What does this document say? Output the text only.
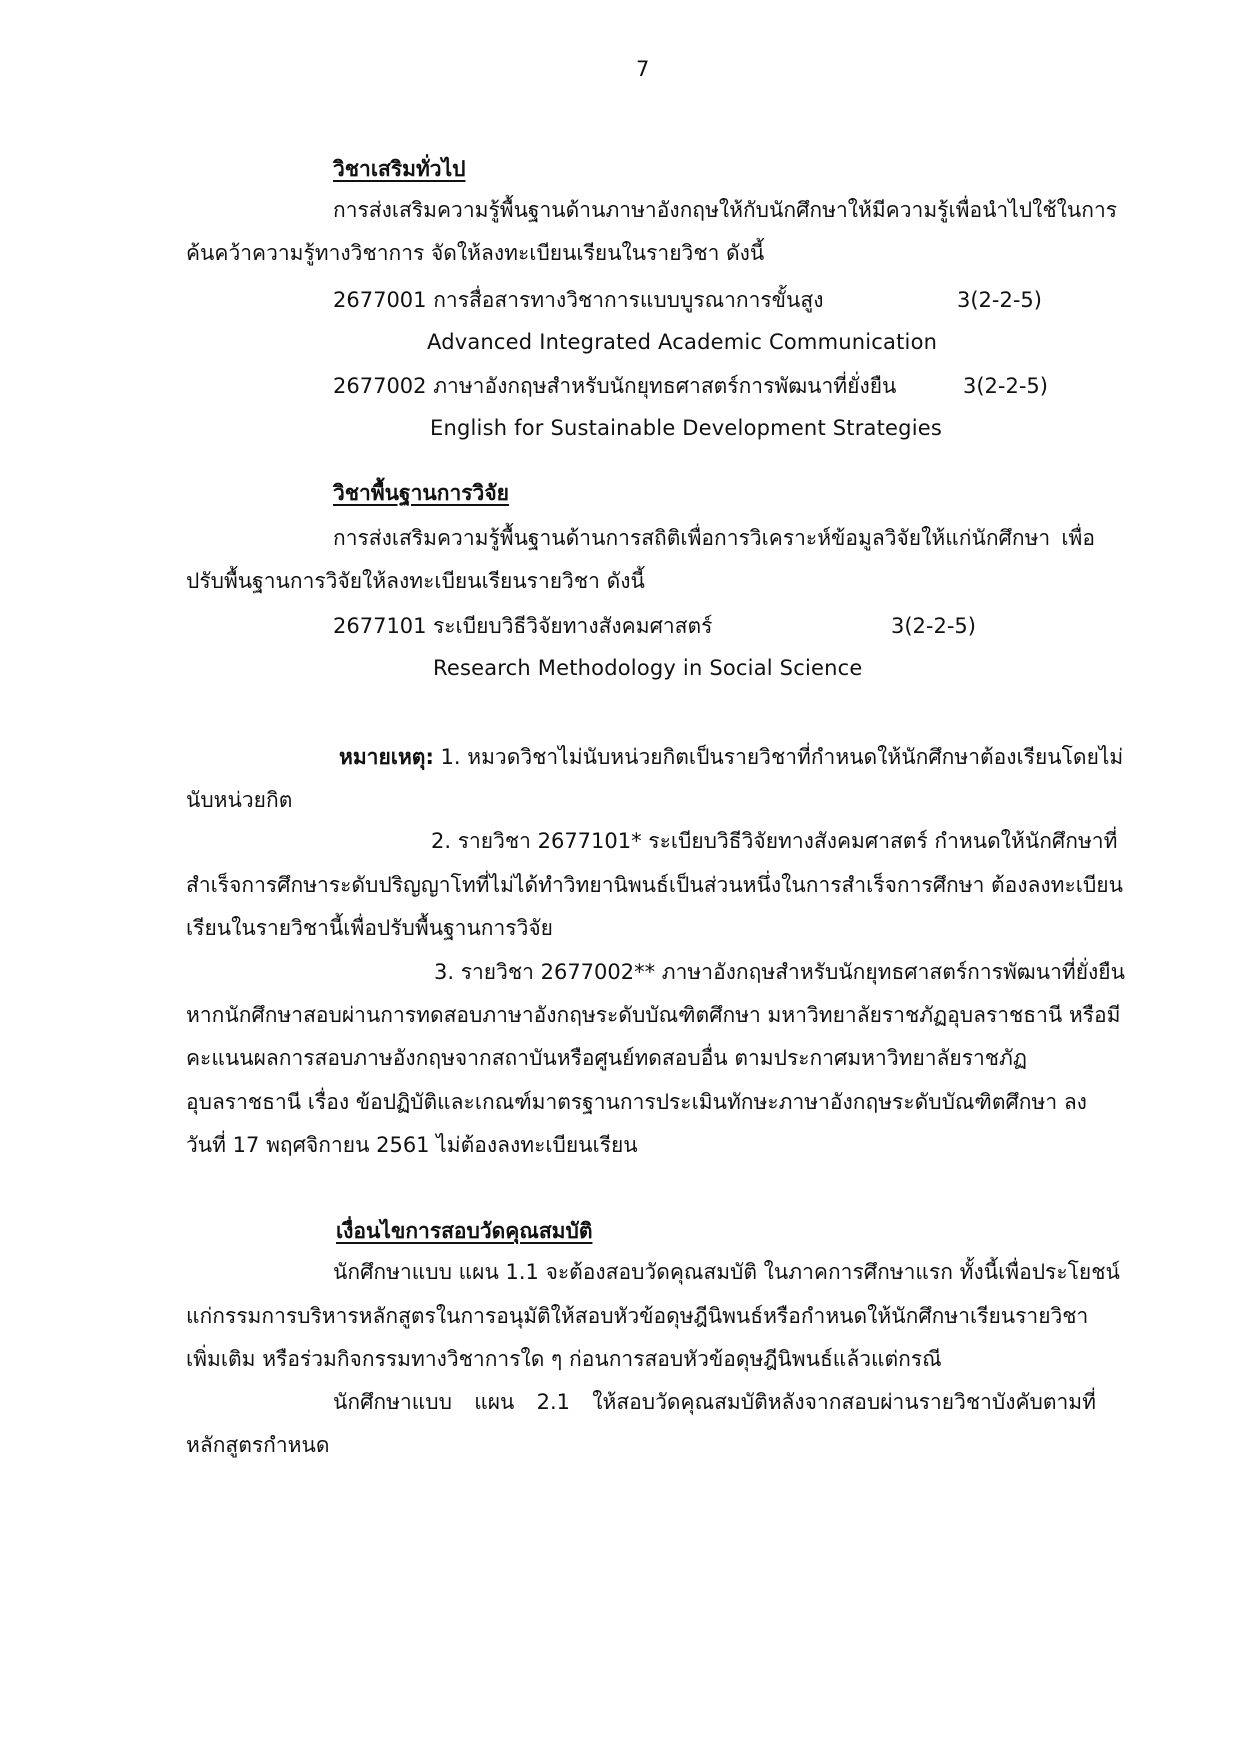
7
วิชาเสริมทั่วไป
การส่งเสริมความรู้พื้นฐานด้านภาษาอังกฤษให้กับนักศึกษาให้มีความรู้เพื่อนำไปใช้ในการ
ค้นคว้าความรู้ทางวิชาการ จัดให้ลงทะเบียนเรียนในรายวิชา ดังนี้
2677001 การสื่อสารทางวิชาการแบบบูรณาการขั้นสูง	3(2-2-5)
Advanced Integrated Academic Communication
2677002 ภาษาอังกฤษสำหรับนักยุทธศาสตร์การพัฒนาที่ยั่งยืน	3(2-2-5)
English for Sustainable Development Strategies
วิชาพื้นฐานการวิจัย
การส่งเสริมความรู้พื้นฐานด้านการสถิติเพื่อการวิเคราะห์ข้อมูลวิจัยให้แก่นักศึกษา เพื่อ
ปรับพื้นฐานการวิจัยให้ลงทะเบียนเรียนรายวิชา ดังนี้
2677101 ระเบียบวิธีวิจัยทางสังคมศาสตร์	3(2-2-5)
Research Methodology in Social Science
หมายเหตุ: 1. หมวดวิชาไม่นับหน่วยกิตเป็นรายวิชาที่กำหนดให้นักศึกษาต้องเรียนโดยไม่
นับหน่วยกิต
2. รายวิชา 2677101* ระเบียบวิธีวิจัยทางสังคมศาสตร์ กำหนดให้นักศึกษาที่
สำเร็จการศึกษาระดับปริญญาโทที่ไม่ได้ทำวิทยานิพนธ์เป็นส่วนหนึ่งในการสำเร็จการศึกษา ต้องลงทะเบียน
เรียนในรายวิชานี้เพื่อปรับพื้นฐานการวิจัย
3. รายวิชา 2677002** ภาษาอังกฤษสำหรับนักยุทธศาสตร์การพัฒนาที่ยั่งยืน
หากนักศึกษาสอบผ่านการทดสอบภาษาอังกฤษระดับบัณฑิตศึกษา มหาวิทยาลัยราชภัฏอุบลราชธานี หรือมี
คะแนนผลการสอบภาษอังกฤษจากสถาบันหรือศูนย์ทดสอบอื่น ตามประกาศมหาวิทยาลัยราชภัฏ
อุบลราชธานี เรื่อง ข้อปฏิบัติและเกณฑ์มาตรฐานการประเมินทักษะภาษาอังกฤษระดับบัณฑิตศึกษา ลง
วันที่ 17 พฤศจิกายน 2561 ไม่ต้องลงทะเบียนเรียน
เงื่อนไขการสอบวัดคุณสมบัติ
นักศึกษาแบบ แผน 1.1 จะต้องสอบวัดคุณสมบัติ ในภาคการศึกษาแรก ทั้งนี้เพื่อประโยชน์
แก่กรรมการบริหารหลักสูตรในการอนุมัติให้สอบหัวข้อดุษฎีนิพนธ์หรือกำหนดให้นักศึกษาเรียนรายวิชา
เพิ่มเติม หรือร่วมกิจกรรมทางวิชาการใด ๆ ก่อนการสอบหัวข้อดุษฎีนิพนธ์แล้วแต่กรณี
นักศึกษาแบบ แผน 2.1 ให้สอบวัดคุณสมบัติหลังจากสอบผ่านรายวิชาบังคับตามที่
หลักสูตรกำหนด
